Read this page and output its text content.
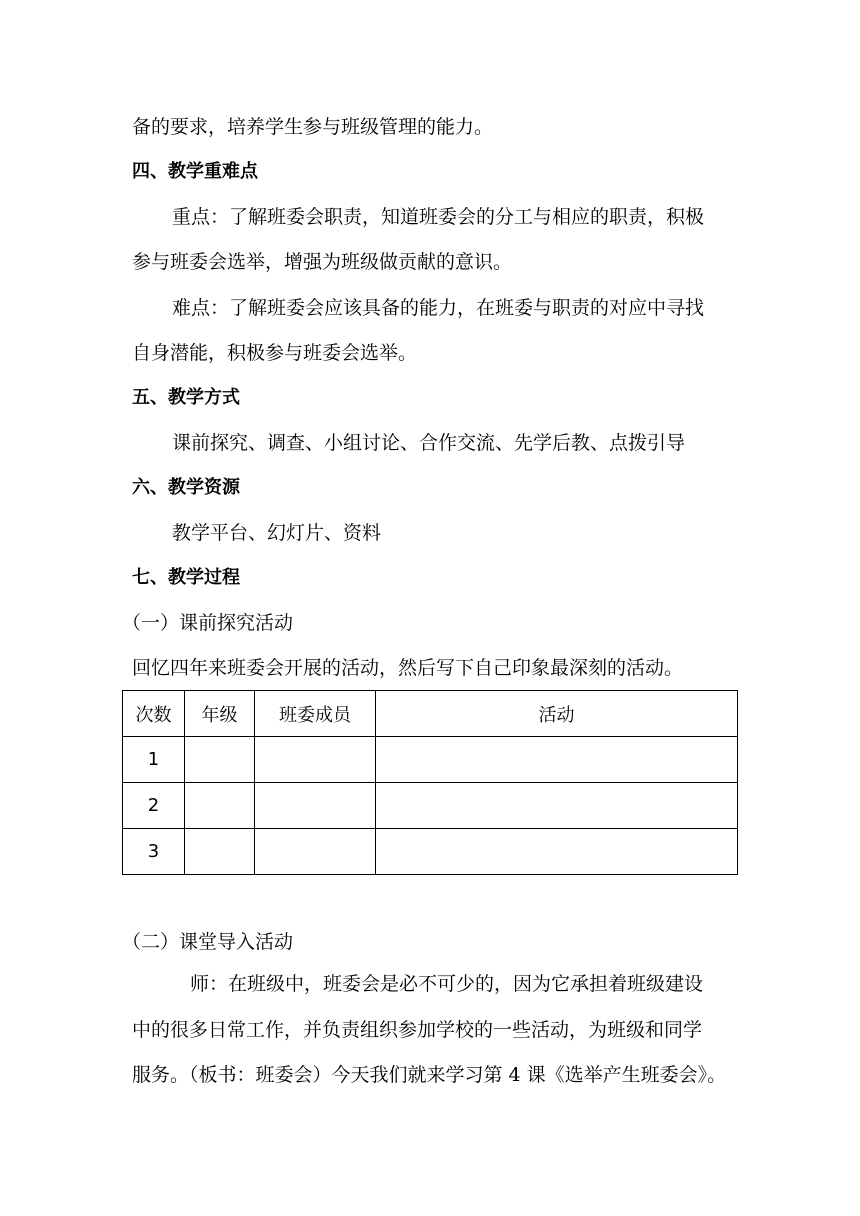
备的要求，培养学生参与班级管理的能力。
四、教学重难点
重点：了解班委会职责，知道班委会的分工与相应的职责，积极
参与班委会选举，增强为班级做贡献的意识。
难点：了解班委会应该具备的能力，在班委与职责的对应中寻找
自身潜能，积极参与班委会选举。
五、教学方式
课前探究、调查、小组讨论、合作交流、先学后教、点拨引导
六、教学资源
教学平台、幻灯片、资料
七、教学过程
（一）课前探究活动
回忆四年来班委会开展的活动，然后写下自己印象最深刻的活动。
次数	年级	班委成员	活动
1			
2			
3			
（二）课堂导入活动
师：在班级中，班委会是必不可少的，因为它承担着班级建设
中的很多日常工作，并负责组织参加学校的一些活动，为班级和同学
服务。（板书：班委会）今天我们就来学习第 4 课《选举产生班委会》。
